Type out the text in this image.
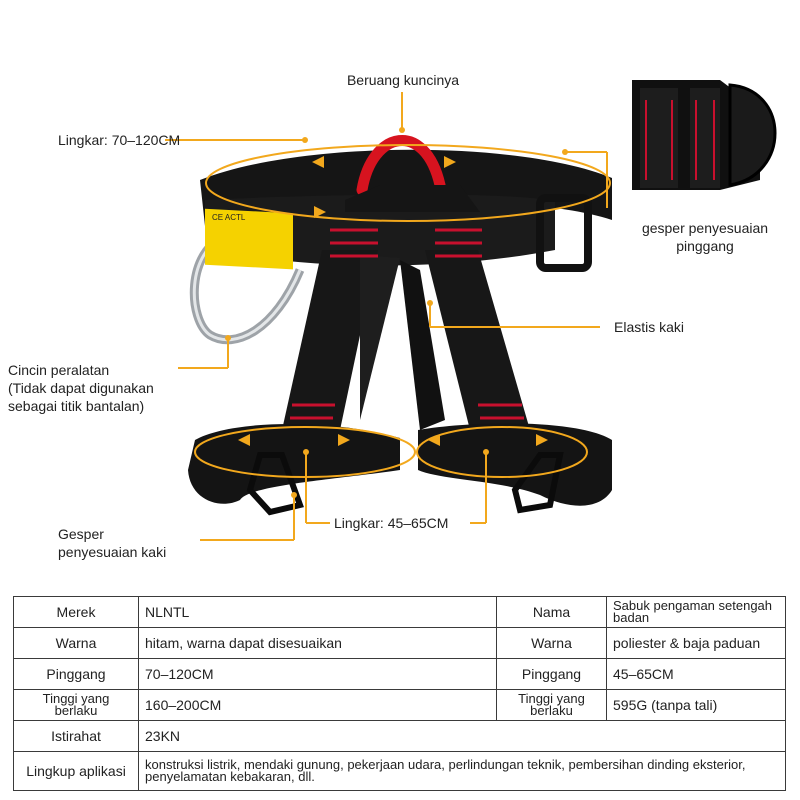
CE ACTL
Beruang kuncinya
Lingkar: 70–120CM
gesper penyesuaian
pinggang
Elastis kaki
Cincin peralatan
(Tidak dapat digunakan
sebagai titik bantalan)
Lingkar: 45–65CM
Gesper
penyesuaian kaki
Merek	NLNTL	Nama	Sabuk pengaman setengah badan
Warna	hitam, warna dapat disesuaikan	Warna	poliester & baja paduan
Pinggang	70–120CM	Pinggang	45–65CM
Tinggi yang berlaku	160–200CM	Tinggi yang berlaku	595G (tanpa tali)
Istirahat	23KN		
Lingkup aplikasi	konstruksi listrik, mendaki gunung, pekerjaan udara, perlindungan teknik, pembersihan dinding eksterior, penyelamatan kebakaran, dll.		
